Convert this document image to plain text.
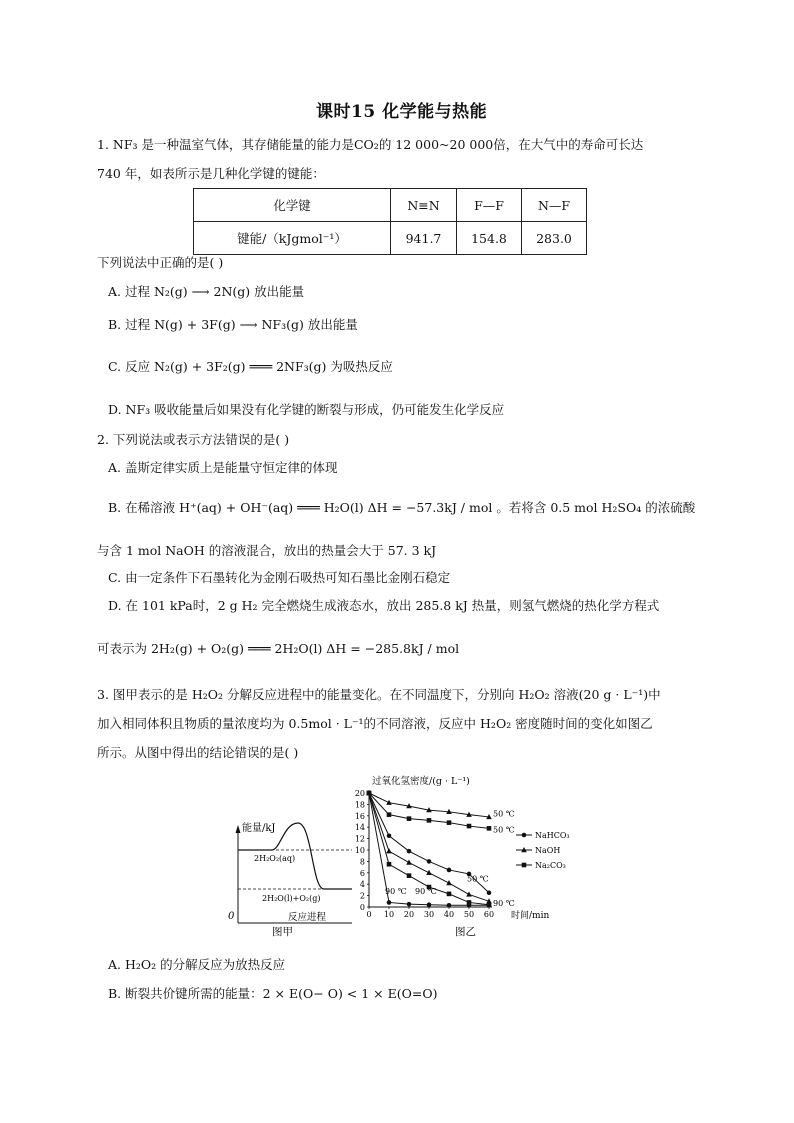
课时15 化学能与热能
1. NF₃ 是一种温室气体，其存储能量的能力是CO₂的 12 000~20 000倍，在大气中的寿命可长达
740 年，如表所示是几种化学键的键能：
化学键	N≡N	F—F	N—F
键能/（kJgmol⁻¹）	941.7	154.8	283.0
下列说法中正确的是( )
A. 过程 N₂(g) ⟶ 2N(g) 放出能量
B. 过程 N(g) + 3F(g) ⟶ NF₃(g) 放出能量
C. 反应 N₂(g) + 3F₂(g) ═══ 2NF₃(g) 为吸热反应
D. NF₃ 吸收能量后如果没有化学键的断裂与形成，仍可能发生化学反应
2. 下列说法或表示方法错误的是( )
A. 盖斯定律实质上是能量守恒定律的体现
B. 在稀溶液 H⁺(aq) + OH⁻(aq) ═══ H₂O(l) ΔH = −57.3kJ / mol 。若将含 0.5 mol H₂SO₄ 的浓硫酸
与含 1 mol NaOH 的溶液混合，放出的热量会大于 57. 3 kJ
C. 由一定条件下石墨转化为金刚石吸热可知石墨比金刚石稳定
D. 在 101 kPa时，2 g H₂ 完全燃烧生成液态水，放出 285.8 kJ 热量，则氢气燃烧的热化学方程式
可表示为 2H₂(g) + O₂(g) ═══ 2H₂O(l) ΔH = −285.8kJ / mol
3. 图甲表示的是 H₂O₂ 分解反应进程中的能量变化。在不同温度下，分别向 H₂O₂ 溶液(20 g · L⁻¹)中
加入相同体积且物质的量浓度均为 0.5mol · L⁻¹的不同溶液，反应中 H₂O₂ 密度随时间的变化如图乙
所示。从图中得出的结论错误的是( )
能量/kJ
0	反应进程
2H₂O₂(aq)
2H₂O(l)+O₂(g)
图甲
过氧化氢密度/(g · L⁻¹)
时间/min
图乙
0
2
4
6
8
10
12
14
16
18
20
0 10 20 30 40 50 60
50 ℃
50 ℃
50 ℃
90 ℃ 90 ℃
90 ℃
NaHCO₃
NaOH
Na₂CO₃
A. H₂O₂ 的分解反应为放热反应
B. 断裂共价键所需的能量：2 × E(O− O) < 1 × E(O=O)
